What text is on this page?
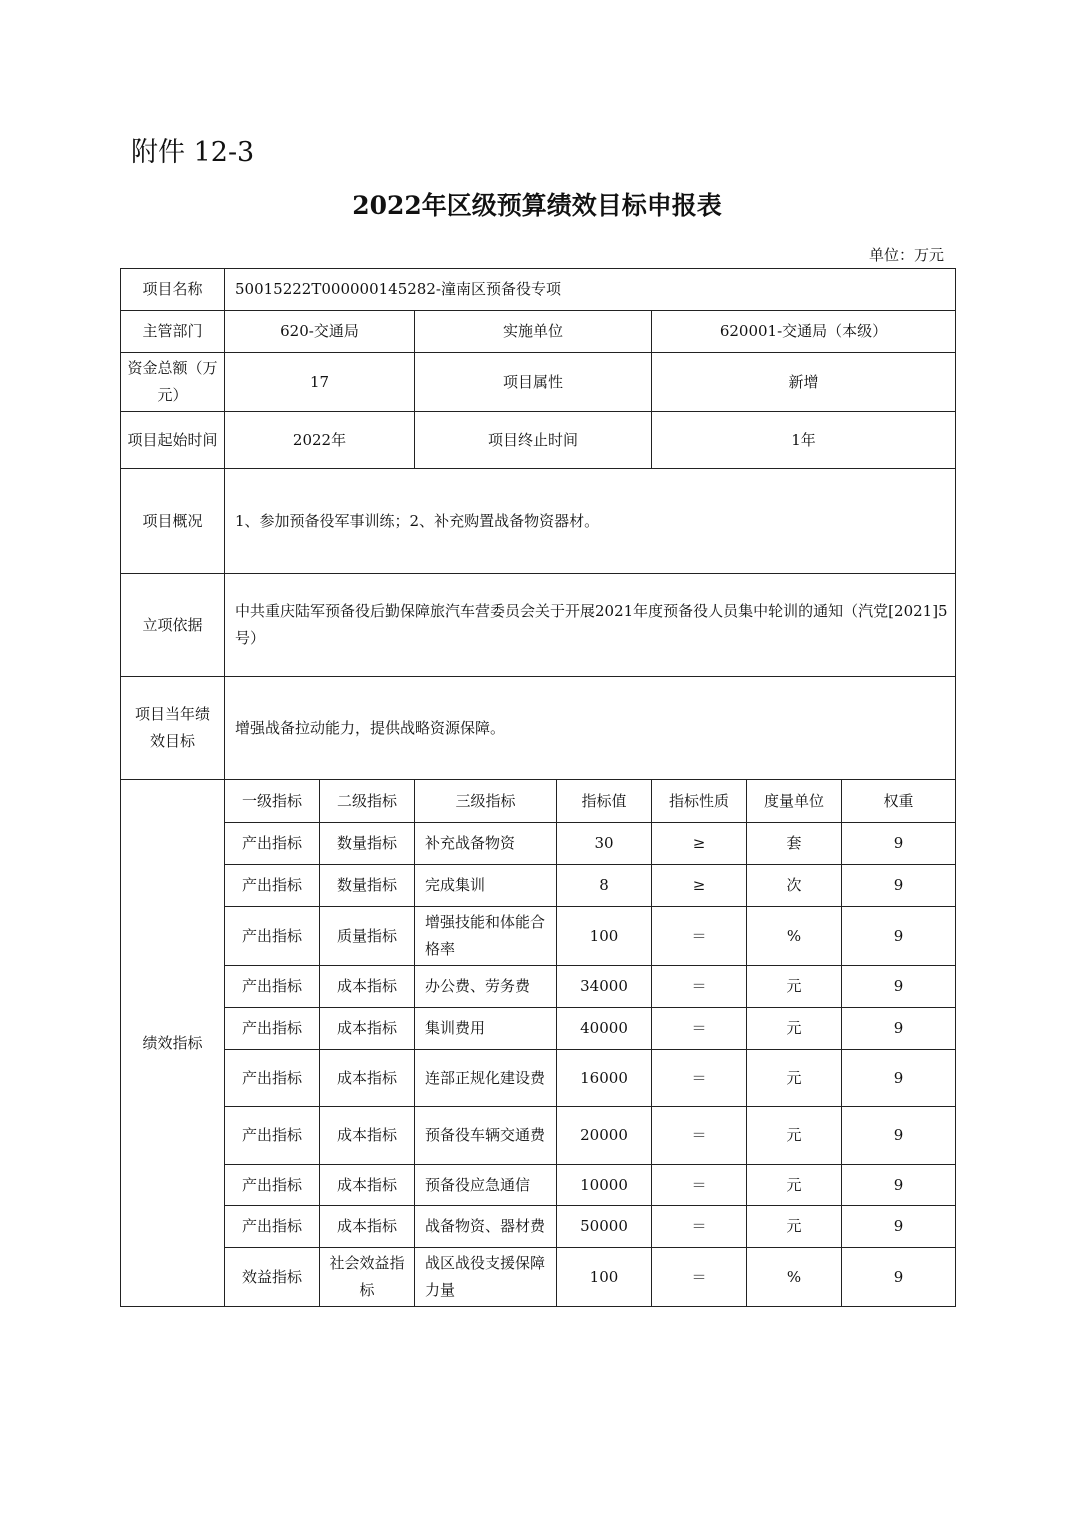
附件 12-3
2022年区级预算绩效目标申报表
单位：万元
项目名称	50015222T000000145282-潼南区预备役专项						
主管部门	620-交通局		实施单位		620001-交通局（本级）		
资金总额（万元）	17		项目属性		新增		
项目起始时间	2022年		项目终止时间		1年		
项目概况	1、参加预备役军事训练；2、补充购置战备物资器材。						
立项依据	中共重庆陆军预备役后勤保障旅汽车营委员会关于开展2021年度预备役人员集中轮训的通知（汽党[2021]5号）						
项目当年绩效目标	增强战备拉动能力，提供战略资源保障。						
绩效指标	一级指标	二级指标	三级指标	指标值	指标性质	度量单位	权重
	产出指标	数量指标	补充战备物资	30	≥	套	9
	产出指标	数量指标	完成集训	8	≥	次	9
	产出指标	质量指标	增强技能和体能合格率	100	＝	%	9
	产出指标	成本指标	办公费、劳务费	34000	＝	元	9
	产出指标	成本指标	集训费用	40000	＝	元	9
	产出指标	成本指标	连部正规化建设费	16000	＝	元	9
	产出指标	成本指标	预备役车辆交通费	20000	＝	元	9
	产出指标	成本指标	预备役应急通信	10000	＝	元	9
	产出指标	成本指标	战备物资、器材费	50000	＝	元	9
	效益指标	社会效益指标	战区战役支援保障力量	100	＝	%	9
